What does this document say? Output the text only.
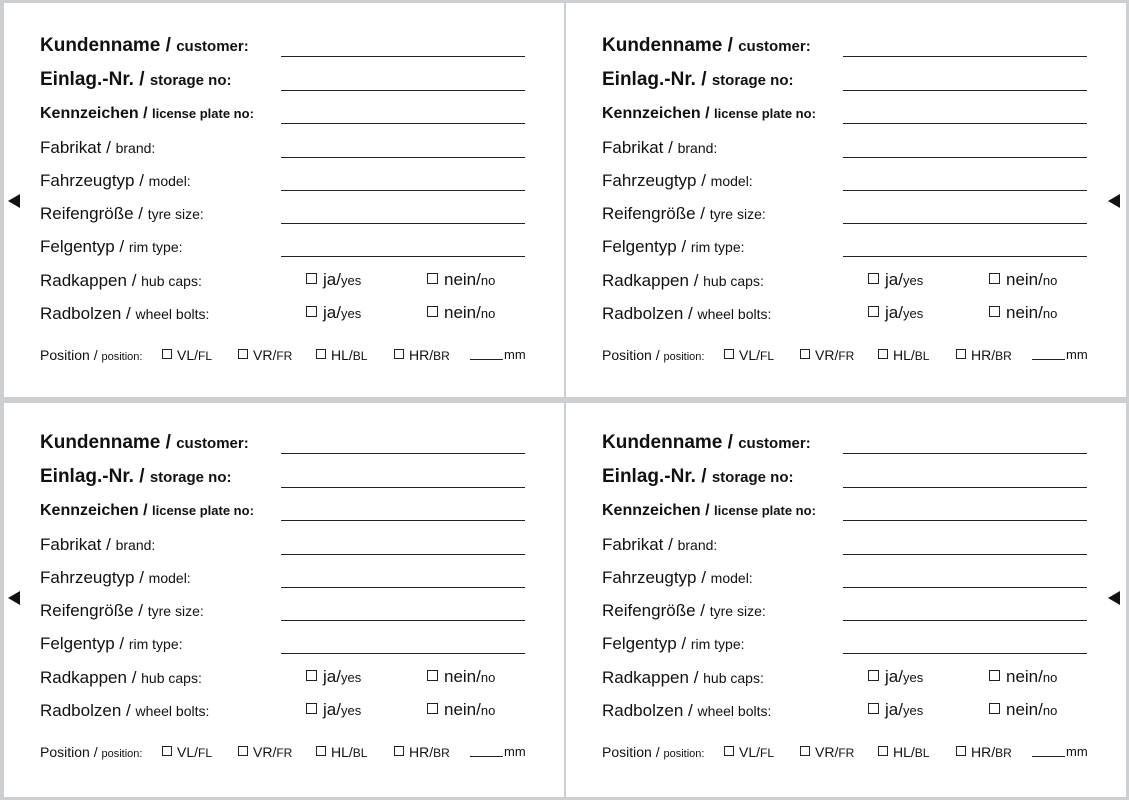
Kundenname / customer:
Einlag.-Nr. / storage no:
Kennzeichen / license plate no:
Fabrikat / brand:
Fahrzeugtyp / model:
Reifengröße / tyre size:
Felgentyp / rim type:
Radkappen / hub caps:	ja/yes	nein/no
Radbolzen / wheel bolts:	ja/yes	nein/no
Position / position:	VL/FL	VR/FR	HL/BL	HR/BR	mm
Kundenname / customer:
Einlag.-Nr. / storage no:
Kennzeichen / license plate no:
Fabrikat / brand:
Fahrzeugtyp / model:
Reifengröße / tyre size:
Felgentyp / rim type:
Radkappen / hub caps:	ja/yes	nein/no
Radbolzen / wheel bolts:	ja/yes	nein/no
Position / position:	VL/FL	VR/FR	HL/BL	HR/BR	mm
Kundenname / customer:
Einlag.-Nr. / storage no:
Kennzeichen / license plate no:
Fabrikat / brand:
Fahrzeugtyp / model:
Reifengröße / tyre size:
Felgentyp / rim type:
Radkappen / hub caps:	ja/yes	nein/no
Radbolzen / wheel bolts:	ja/yes	nein/no
Position / position:	VL/FL	VR/FR	HL/BL	HR/BR	mm
Kundenname / customer:
Einlag.-Nr. / storage no:
Kennzeichen / license plate no:
Fabrikat / brand:
Fahrzeugtyp / model:
Reifengröße / tyre size:
Felgentyp / rim type:
Radkappen / hub caps:	ja/yes	nein/no
Radbolzen / wheel bolts:	ja/yes	nein/no
Position / position:	VL/FL	VR/FR	HL/BL	HR/BR	mm
